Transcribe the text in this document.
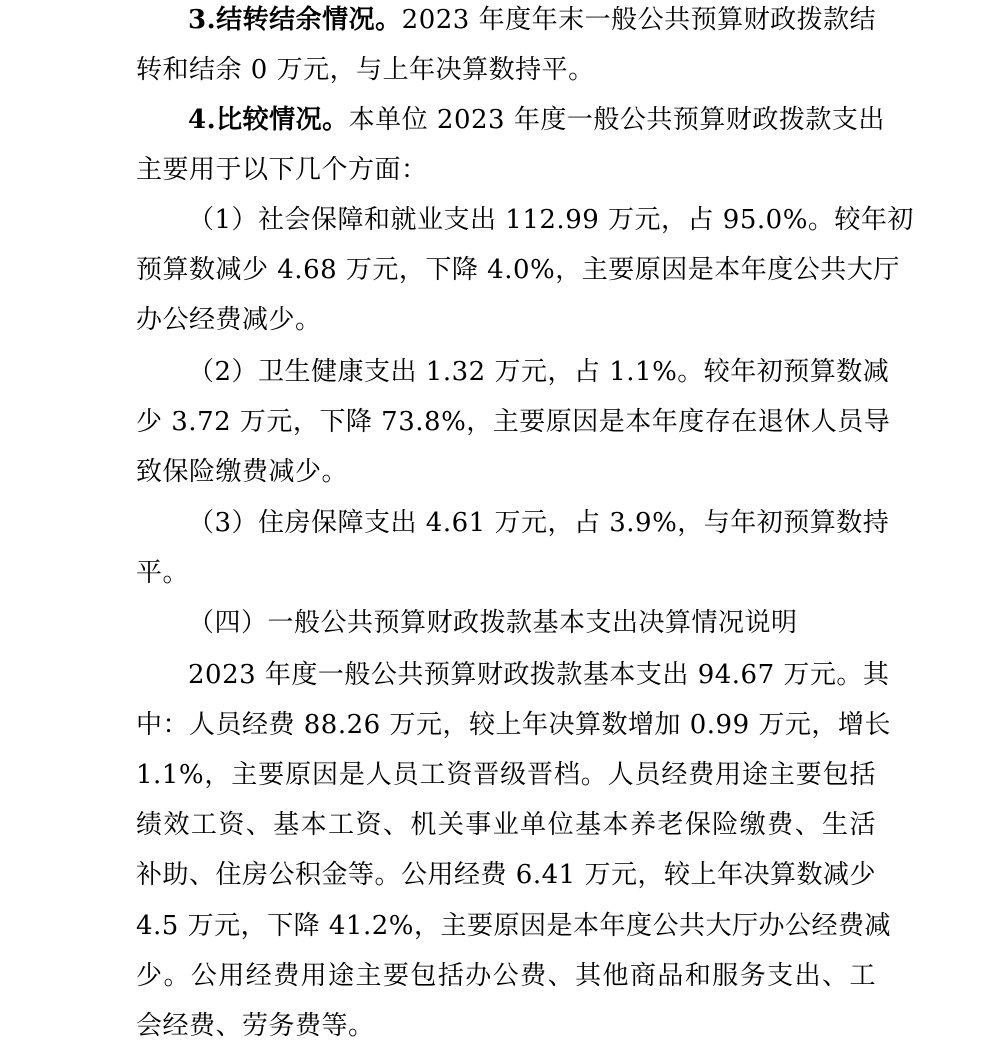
3.结转结余情况。2023 年度年末一般公共预算财政拨款结
转和结余 0 万元，与上年决算数持平。
4.比较情况。本单位 2023 年度一般公共预算财政拨款支出
主要用于以下几个方面：
（1）社会保障和就业支出 112.99 万元，占 95.0%。较年初
预算数减少 4.68 万元，下降 4.0%，主要原因是本年度公共大厅
办公经费减少。
（2）卫生健康支出 1.32 万元，占 1.1%。较年初预算数减
少 3.72 万元，下降 73.8%，主要原因是本年度存在退休人员导
致保险缴费减少。
（3）住房保障支出 4.61 万元，占 3.9%，与年初预算数持
平。
（四）一般公共预算财政拨款基本支出决算情况说明
2023 年度一般公共预算财政拨款基本支出 94.67 万元。其
中：人员经费 88.26 万元，较上年决算数增加 0.99 万元，增长
1.1%，主要原因是人员工资晋级晋档。人员经费用途主要包括
绩效工资、基本工资、机关事业单位基本养老保险缴费、生活
补助、住房公积金等。公用经费 6.41 万元，较上年决算数减少
4.5 万元，下降 41.2%，主要原因是本年度公共大厅办公经费减
少。公用经费用途主要包括办公费、其他商品和服务支出、工
会经费、劳务费等。
